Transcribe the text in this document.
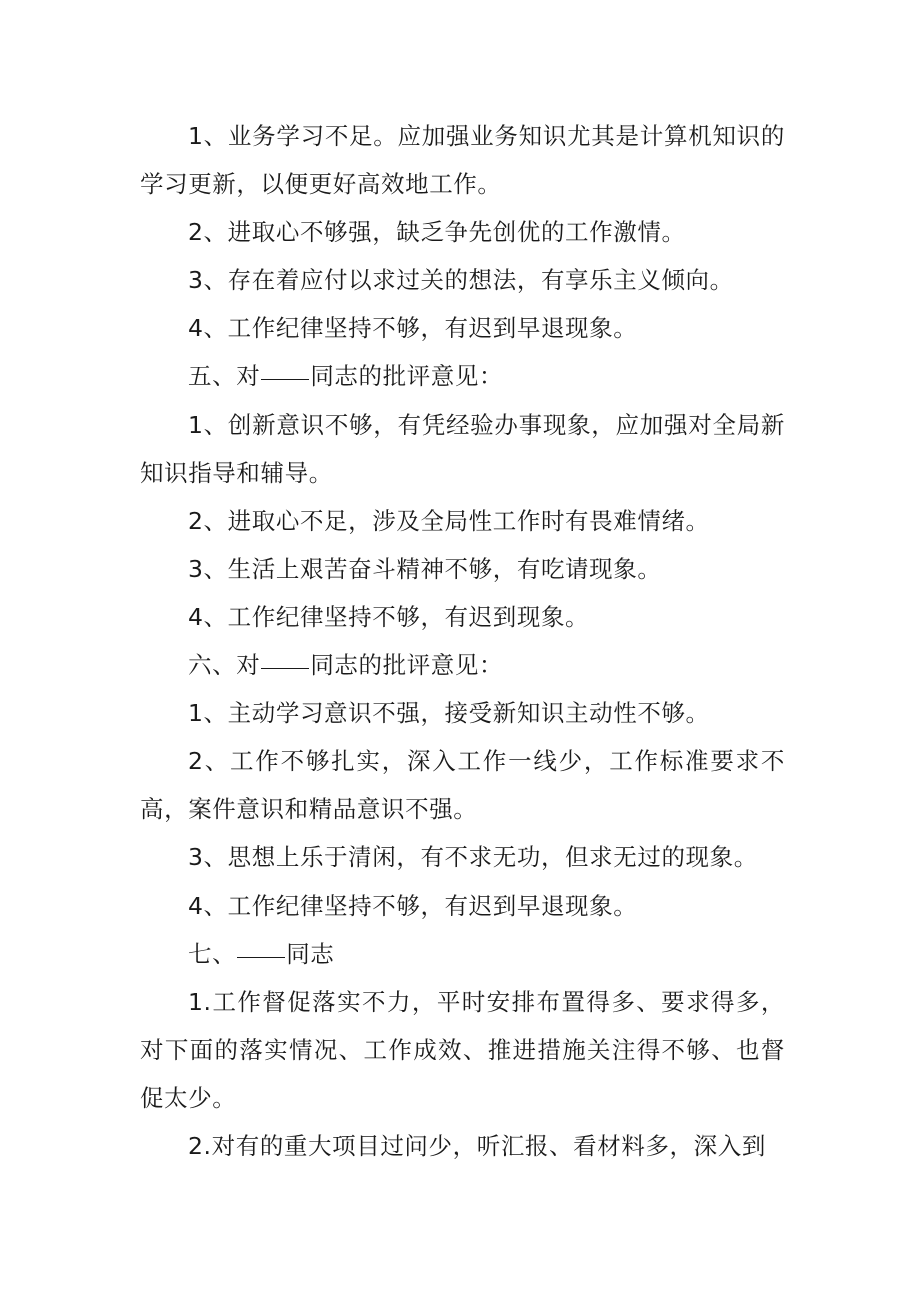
1、业务学习不足。应加强业务知识尤其是计算机知识的学习更新，以便更好高效地工作。

2、进取心不够强，缺乏争先创优的工作激情。

3、存在着应付以求过关的想法，有享乐主义倾向。

4、工作纪律坚持不够，有迟到早退现象。

五、对 同志的批评意见：

1、创新意识不够，有凭经验办事现象，应加强对全局新知识指导和辅导。

2、进取心不足，涉及全局性工作时有畏难情绪。

3、生活上艰苦奋斗精神不够，有吃请现象。

4、工作纪律坚持不够，有迟到现象。

六、对 同志的批评意见：

1、主动学习意识不强，接受新知识主动性不够。

2、工作不够扎实，深入工作一线少，工作标准要求不高，案件意识和精品意识不强。

3、思想上乐于清闲，有不求无功，但求无过的现象。

4、工作纪律坚持不够，有迟到早退现象。

七、 同志

1.工作督促落实不力，平时安排布置得多、要求得多，对下面的落实情况、工作成效、推进措施关注得不够、也督促太少。

2.对有的重大项目过问少，听汇报、看材料多，深入到
